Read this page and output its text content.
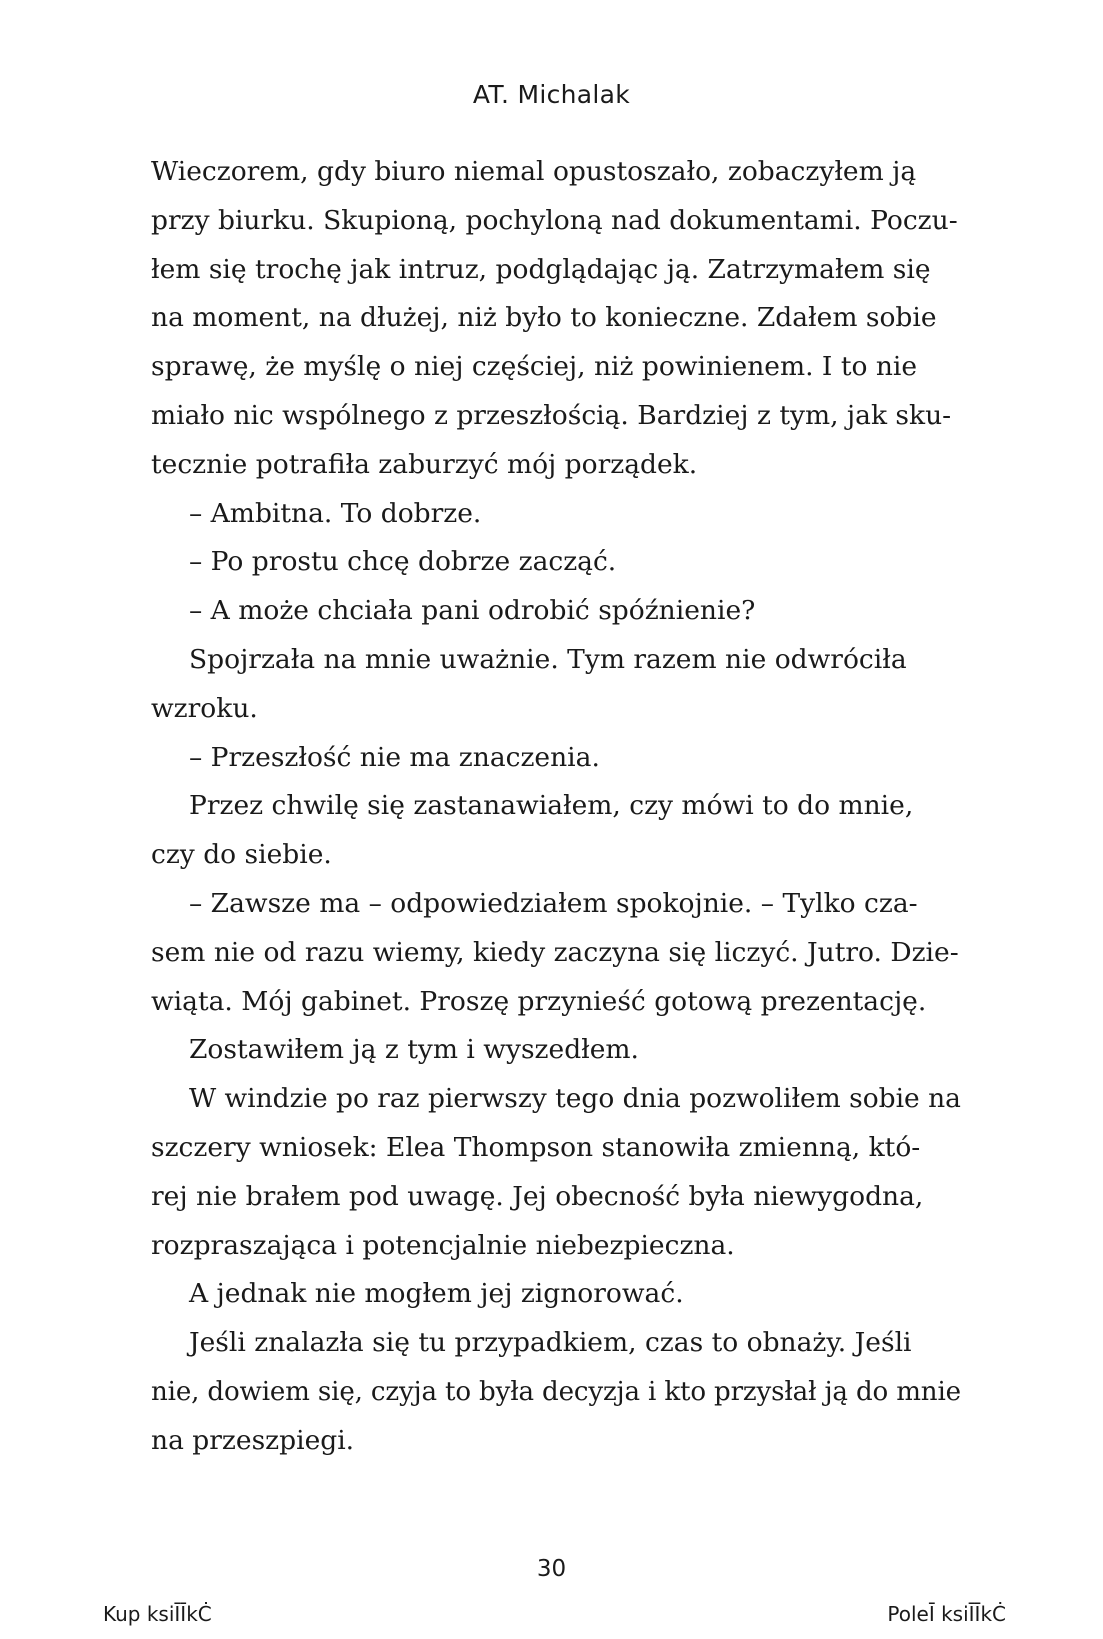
AT. Michalak
Wieczorem, gdy biuro niemal opustoszało, zobaczyłem ją
przy biurku. Skupioną, pochyloną nad dokumentami. Poczu-
łem się trochę jak intruz, podglądając ją. Zatrzymałem się
na moment, na dłużej, niż było to konieczne. Zdałem sobie
sprawę, że myślę o niej częściej, niż powinienem. I to nie
miało nic wspólnego z przeszłością. Bardziej z tym, jak sku-
tecznie potrafiła zaburzyć mój porządek.
– Ambitna. To dobrze.
– Po prostu chcę dobrze zacząć.
– A może chciała pani odrobić spóźnienie?
Spojrzała na mnie uważnie. Tym razem nie odwróciła
wzroku.
– Przeszłość nie ma znaczenia.
Przez chwilę się zastanawiałem, czy mówi to do mnie,
czy do siebie.
– Zawsze ma – odpowiedziałem spokojnie. – Tylko cza-
sem nie od razu wiemy, kiedy zaczyna się liczyć. Jutro. Dzie-
wiąta. Mój gabinet. Proszę przynieść gotową prezentację.
Zostawiłem ją z tym i wyszedłem.
W windzie po raz pierwszy tego dnia pozwoliłem sobie na
szczery wniosek: Elea Thompson stanowiła zmienną, któ-
rej nie brałem pod uwagę. Jej obecność była niewygodna,
rozpraszająca i potencjalnie niebezpieczna.
A jednak nie mogłem jej zignorować.
Jeśli znalazła się tu przypadkiem, czas to obnaży. Jeśli
nie, dowiem się, czyja to była decyzja i kto przysłał ją do mnie
na przeszpiegi.
30
Kup ksiĪĪkĊ	PoleĪ ksiĪĪkĊ
